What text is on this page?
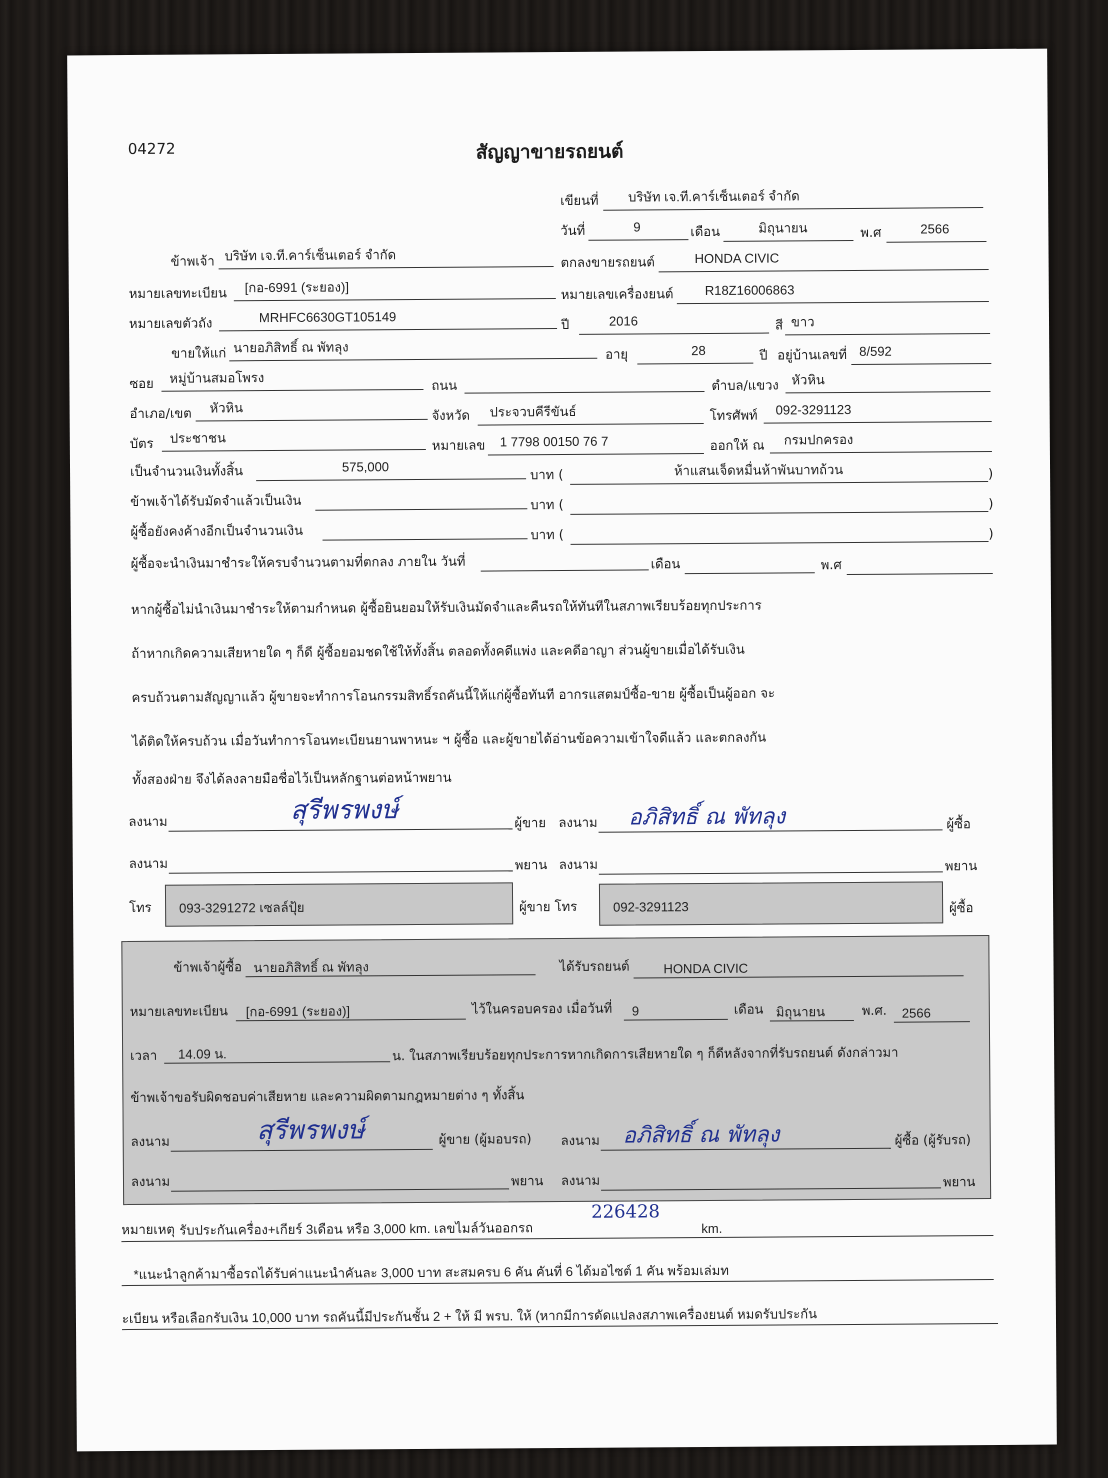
04272	สัญญาขายรถยนต์
เขียนที่ บริษัท เจ.ที.คาร์เซ็นเตอร์ จำกัด
วันที่	9	เดือน	มิถุนายน	พ.ศ	2566
ข้าพเจ้า บริษัท เจ.ที.คาร์เซ็นเตอร์ จำกัด	ตกลงขายรถยนต์	HONDA CIVIC
หมายเลขทะเบียน [กอ-6991 (ระยอง)]	หมายเลขเครื่องยนต์ R18Z16006863
หมายเลขตัวถัง	MRHFC6630GT105149
ปี	2016	สี ขาว
ขายให้แก่ นายอภิสิทธิ์ ณ พัทลุง	อายุ	28	ปี อยู่บ้านเลขที่ 8/592
ซอย หมู่บ้านสมอโพรง
ถนน	ตำบล/แขวง หัวหิน
อำเภอ/เขต หัวหิน
จังหวัด ประจวบคีรีขันธ์	โทรศัพท์ 092-3291123
บัตร ประชาชน
หมายเลข 1 7798 00150 76 7	ออกให้ ณ กรมปกครอง
เป็นจำนวนเงินทั้งสิ้น	575,000
บาท (	ห้าแสนเจ็ดหมื่นห้าพันบาทถ้วน	)
ข้าพเจ้าได้รับมัดจำแล้วเป็นเงิน	บาท (	)
ผู้ซื้อยังคงค้างอีกเป็นจำนวนเงิน	บาท (	)
ผู้ซื้อจะนำเงินมาชำระให้ครบจำนวนตามที่ตกลง ภายใน วันที่	เดือน	พ.ศ
หากผู้ซื้อไม่นำเงินมาชำระให้ตามกำหนด ผู้ซื้อยินยอมให้รับเงินมัดจำและคืนรถให้ทันทีในสภาพเรียบร้อยทุกประการ
ถ้าหากเกิดความเสียหายใด ๆ ก็ดี ผู้ซื้อยอมชดใช้ให้ทั้งสิ้น ตลอดทั้งคดีแพ่ง และคดีอาญา ส่วนผู้ขายเมื่อได้รับเงิน
ครบถ้วนตามสัญญาแล้ว ผู้ขายจะทำการโอนกรรมสิทธิ์รถคันนี้ให้แก่ผู้ซื้อทันที อากรแสตมป์ซื้อ-ขาย ผู้ซื้อเป็นผู้ออก จะ
ได้ติดให้ครบถ้วน เมื่อวันทำการโอนทะเบียนยานพาหนะ ฯ ผู้ซื้อ และผู้ขายได้อ่านข้อความเข้าใจดีแล้ว และตกลงกัน
ทั้งสองฝ่าย จึงได้ลงลายมือชื่อไว้เป็นหลักฐานต่อหน้าพยาน
ลงนาม	สุรีพรพงษ์	ผู้ขาย ลงนาม อภิสิทธิ์ ณ พัทลุง	ผู้ซื้อ
ลงนาม	พยาน ลงนาม	พยาน
โทร 093-3291272 เซลล์ปุ้ย	ผู้ขาย โทร	092-3291123	ผู้ซื้อ
ข้าพเจ้าผู้ซื้อ นายอภิสิทธิ์ ณ พัทลุง	ได้รับรถยนต์	HONDA CIVIC
หมายเลขทะเบียน [กอ-6991 (ระยอง)]	ไว้ในครอบครอง เมื่อวันที่ 9	เดือน มิถุนายน	พ.ศ. 2566
เวลา 14.09 น.	น. ในสภาพเรียบร้อยทุกประการหากเกิดการเสียหายใด ๆ ก็ดีหลังจากที่รับรถยนต์ ดังกล่าวมา
ข้าพเจ้าขอรับผิดชอบค่าเสียหาย และความผิดตามกฎหมายต่าง ๆ ทั้งสิ้น
ลงนาม	สุรีพรพงษ์	ผู้ขาย (ผู้มอบรถ) ลงนาม อภิสิทธิ์ ณ พัทลุง	ผู้ซื้อ (ผู้รับรถ)
ลงนาม	พยาน ลงนาม	พยาน
หมายเหตุ รับประกันเครื่อง+เกียร์ 3เดือน หรือ 3,000 km. เลขไมล์วันออกรถ
226428
km.
*แนะนำลูกค้ามาซื้อรถได้รับค่าแนะนำคันละ 3,000 บาท สะสมครบ 6 คัน คันที่ 6 ได้มอไซต์ 1 คัน พร้อมเล่มท
ะเบียน หรือเลือกรับเงิน 10,000 บาท รถคันนี้มีประกันชั้น 2 + ให้ มี พรบ. ให้ (หากมีการดัดแปลงสภาพเครื่องยนต์ หมดรับประกัน
